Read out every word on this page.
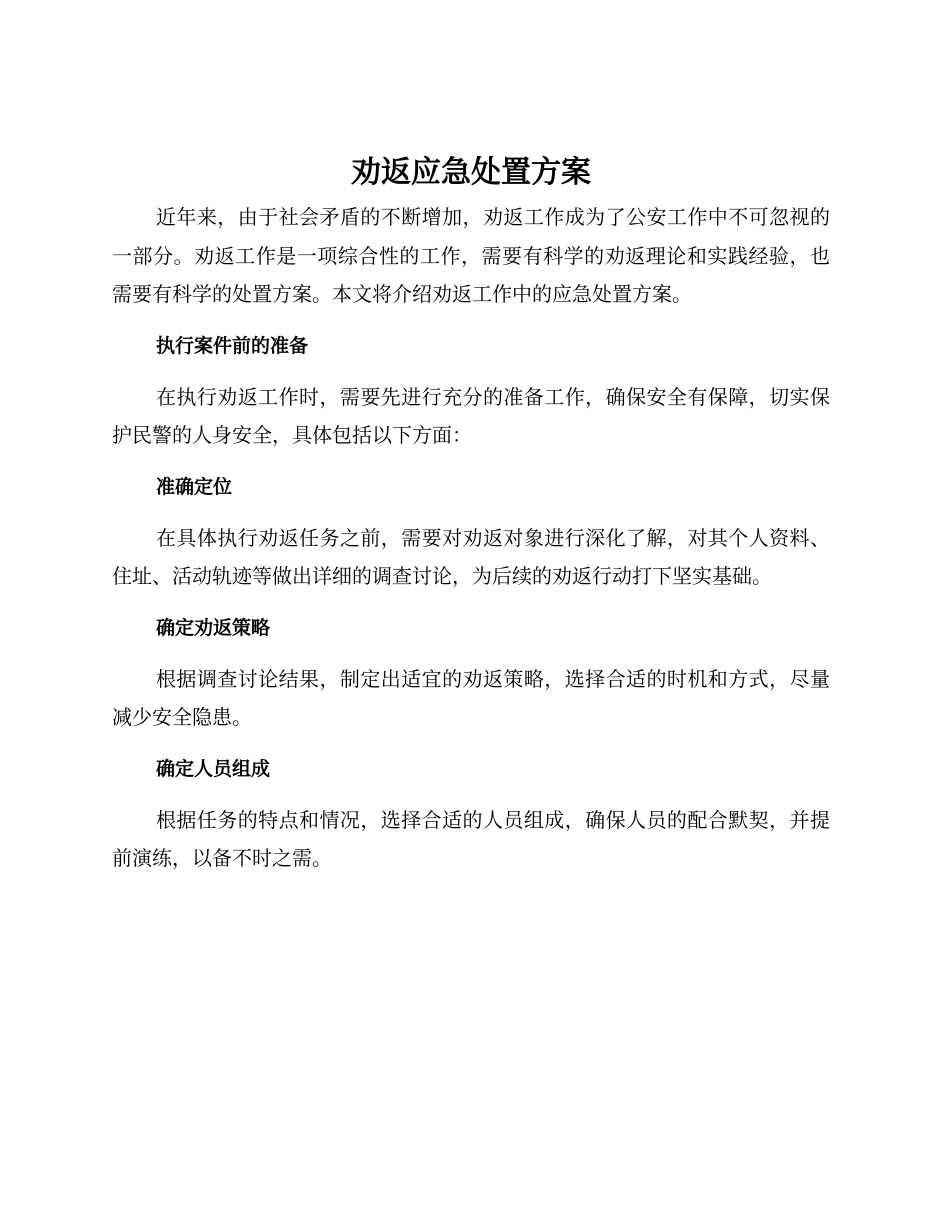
劝返应急处置方案

近年来，由于社会矛盾的不断增加，劝返工作成为了公安工作中不可忽视的一部分。劝返工作是一项综合性的工作，需要有科学的劝返理论和实践经验，也需要有科学的处置方案。本文将介绍劝返工作中的应急处置方案。

执行案件前的准备

在执行劝返工作时，需要先进行充分的准备工作，确保安全有保障，切实保护民警的人身安全，具体包括以下方面：

准确定位

在具体执行劝返任务之前，需要对劝返对象进行深化了解，对其个人资料、住址、活动轨迹等做出详细的调查讨论，为后续的劝返行动打下坚实基础。

确定劝返策略

根据调查讨论结果，制定出适宜的劝返策略，选择合适的时机和方式，尽量减少安全隐患。

确定人员组成

根据任务的特点和情况，选择合适的人员组成，确保人员的配合默契，并提前演练，以备不时之需。
